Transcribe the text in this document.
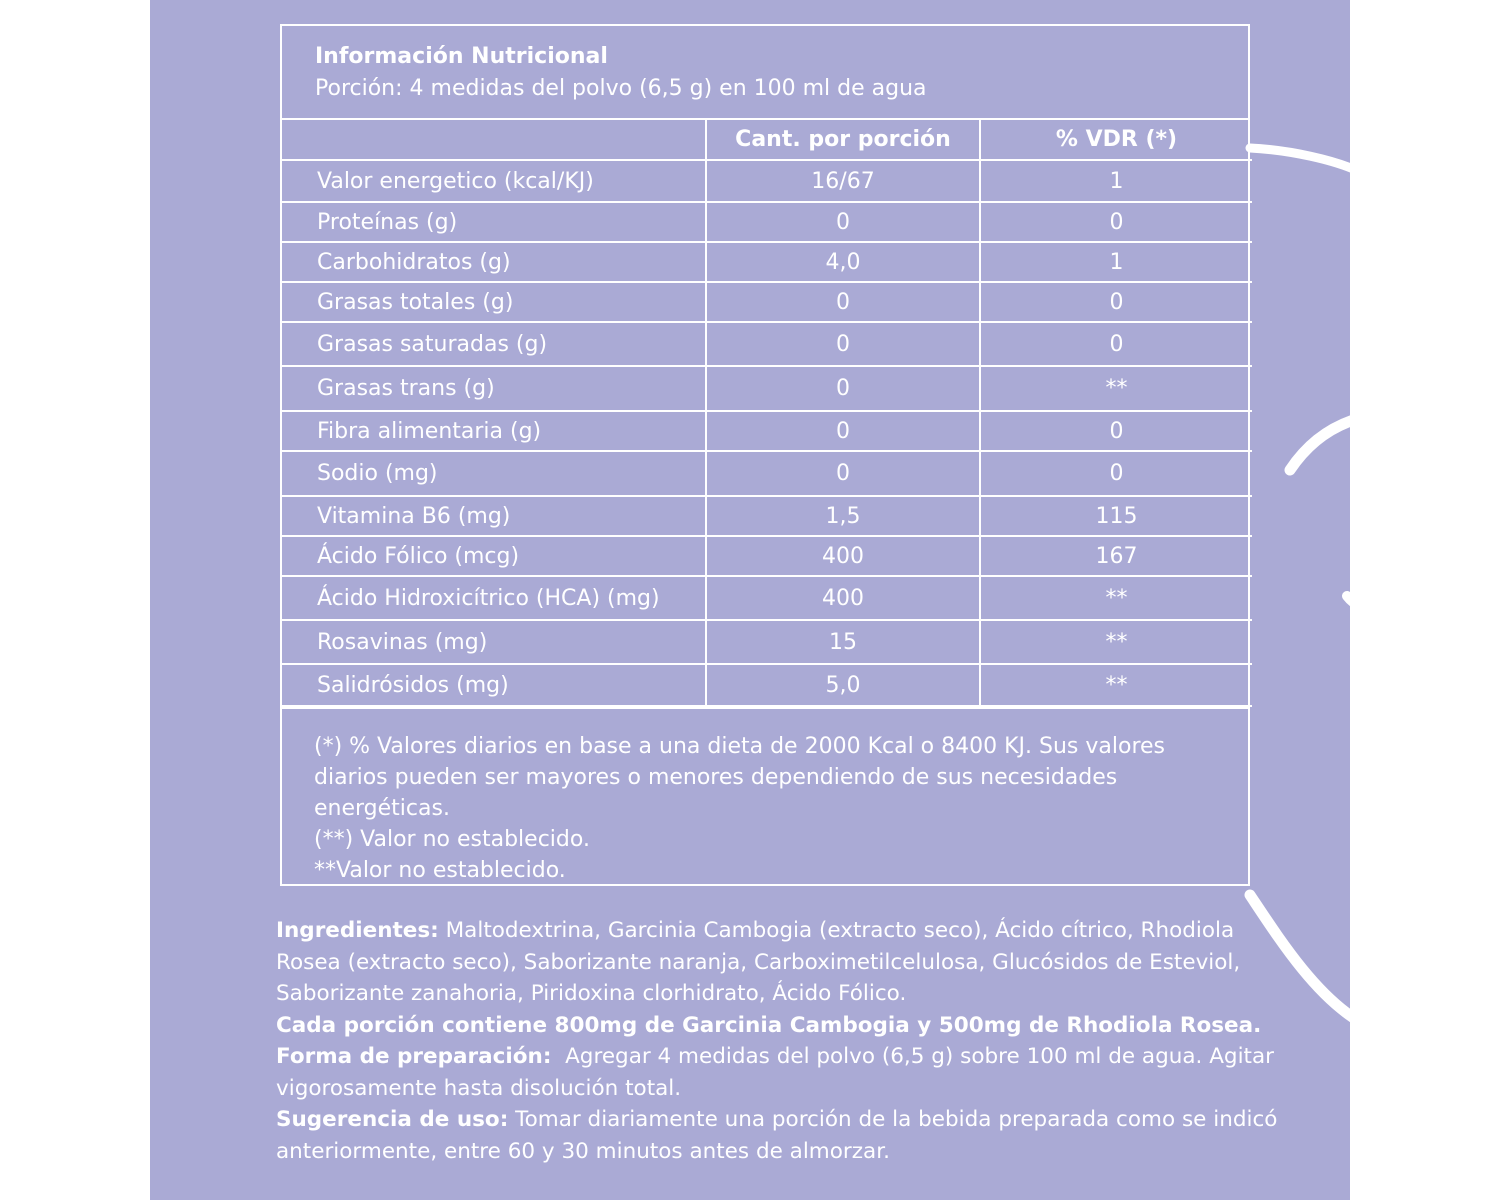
Información Nutricional
Porción: 4 medidas del polvo (6,5 g) en 100 ml de agua
	Cant. por porción	% VDR (*)
Valor energetico (kcal/KJ)	16/67	1
Proteínas (g)	0	0
Carbohidratos (g)	4,0	1
Grasas totales (g)	0	0
Grasas saturadas (g)	0	0
Grasas trans (g)	0	**
Fibra alimentaria (g)	0	0
Sodio (mg)	0	0
Vitamina B6 (mg)	1,5	115
Ácido Fólico (mcg)	400	167
Ácido Hidroxicítrico (HCA) (mg)	400	**
Rosavinas (mg)	15	**
Salidrósidos (mg)	5,0	**

(*) % Valores diarios en base a una dieta de 2000 Kcal o 8400 KJ. Sus valores diarios pueden ser mayores o menores dependiendo de sus necesidades energéticas.

(**) Valor no establecido.

**Valor no establecido.

Ingredientes: Maltodextrina, Garcinia Cambogia (extracto seco), Ácido cítrico, Rhodiola Rosea (extracto seco), Saborizante naranja, Carboximetilcelulosa, Glucósidos de Esteviol, Saborizante zanahoria, Piridoxina clorhidrato, Ácido Fólico.

Cada porción contiene 800mg de Garcinia Cambogia y 500mg de Rhodiola Rosea.

Forma de preparación:  Agregar 4 medidas del polvo (6,5 g) sobre 100 ml de agua. Agitar vigorosamente hasta disolución total.

Sugerencia de uso: Tomar diariamente una porción de la bebida preparada como se indicó anteriormente, entre 60 y 30 minutos antes de almorzar.
